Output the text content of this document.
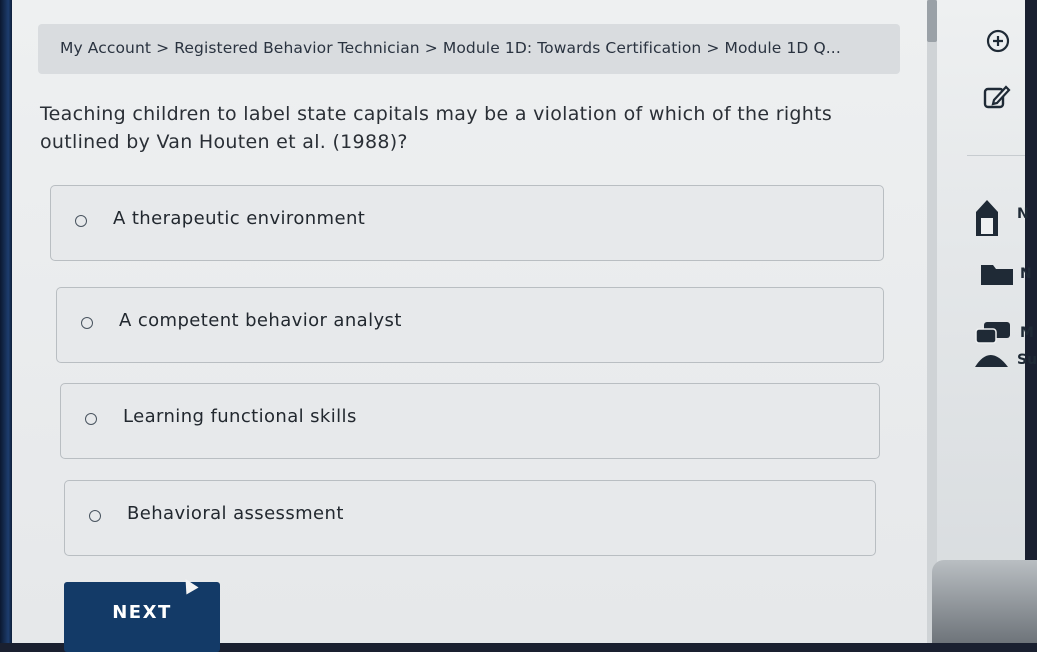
My Account > Registered Behavior Technician > Module 1D: Towards Certification > Module 1D Q...
Teaching children to label state capitals may be a violation of which of the rights outlined by Van Houten et al. (1988)?
A therapeutic environment
A competent behavior analyst
Learning functional skills
Behavioral assessment
NEXT
N
N
M
Su
